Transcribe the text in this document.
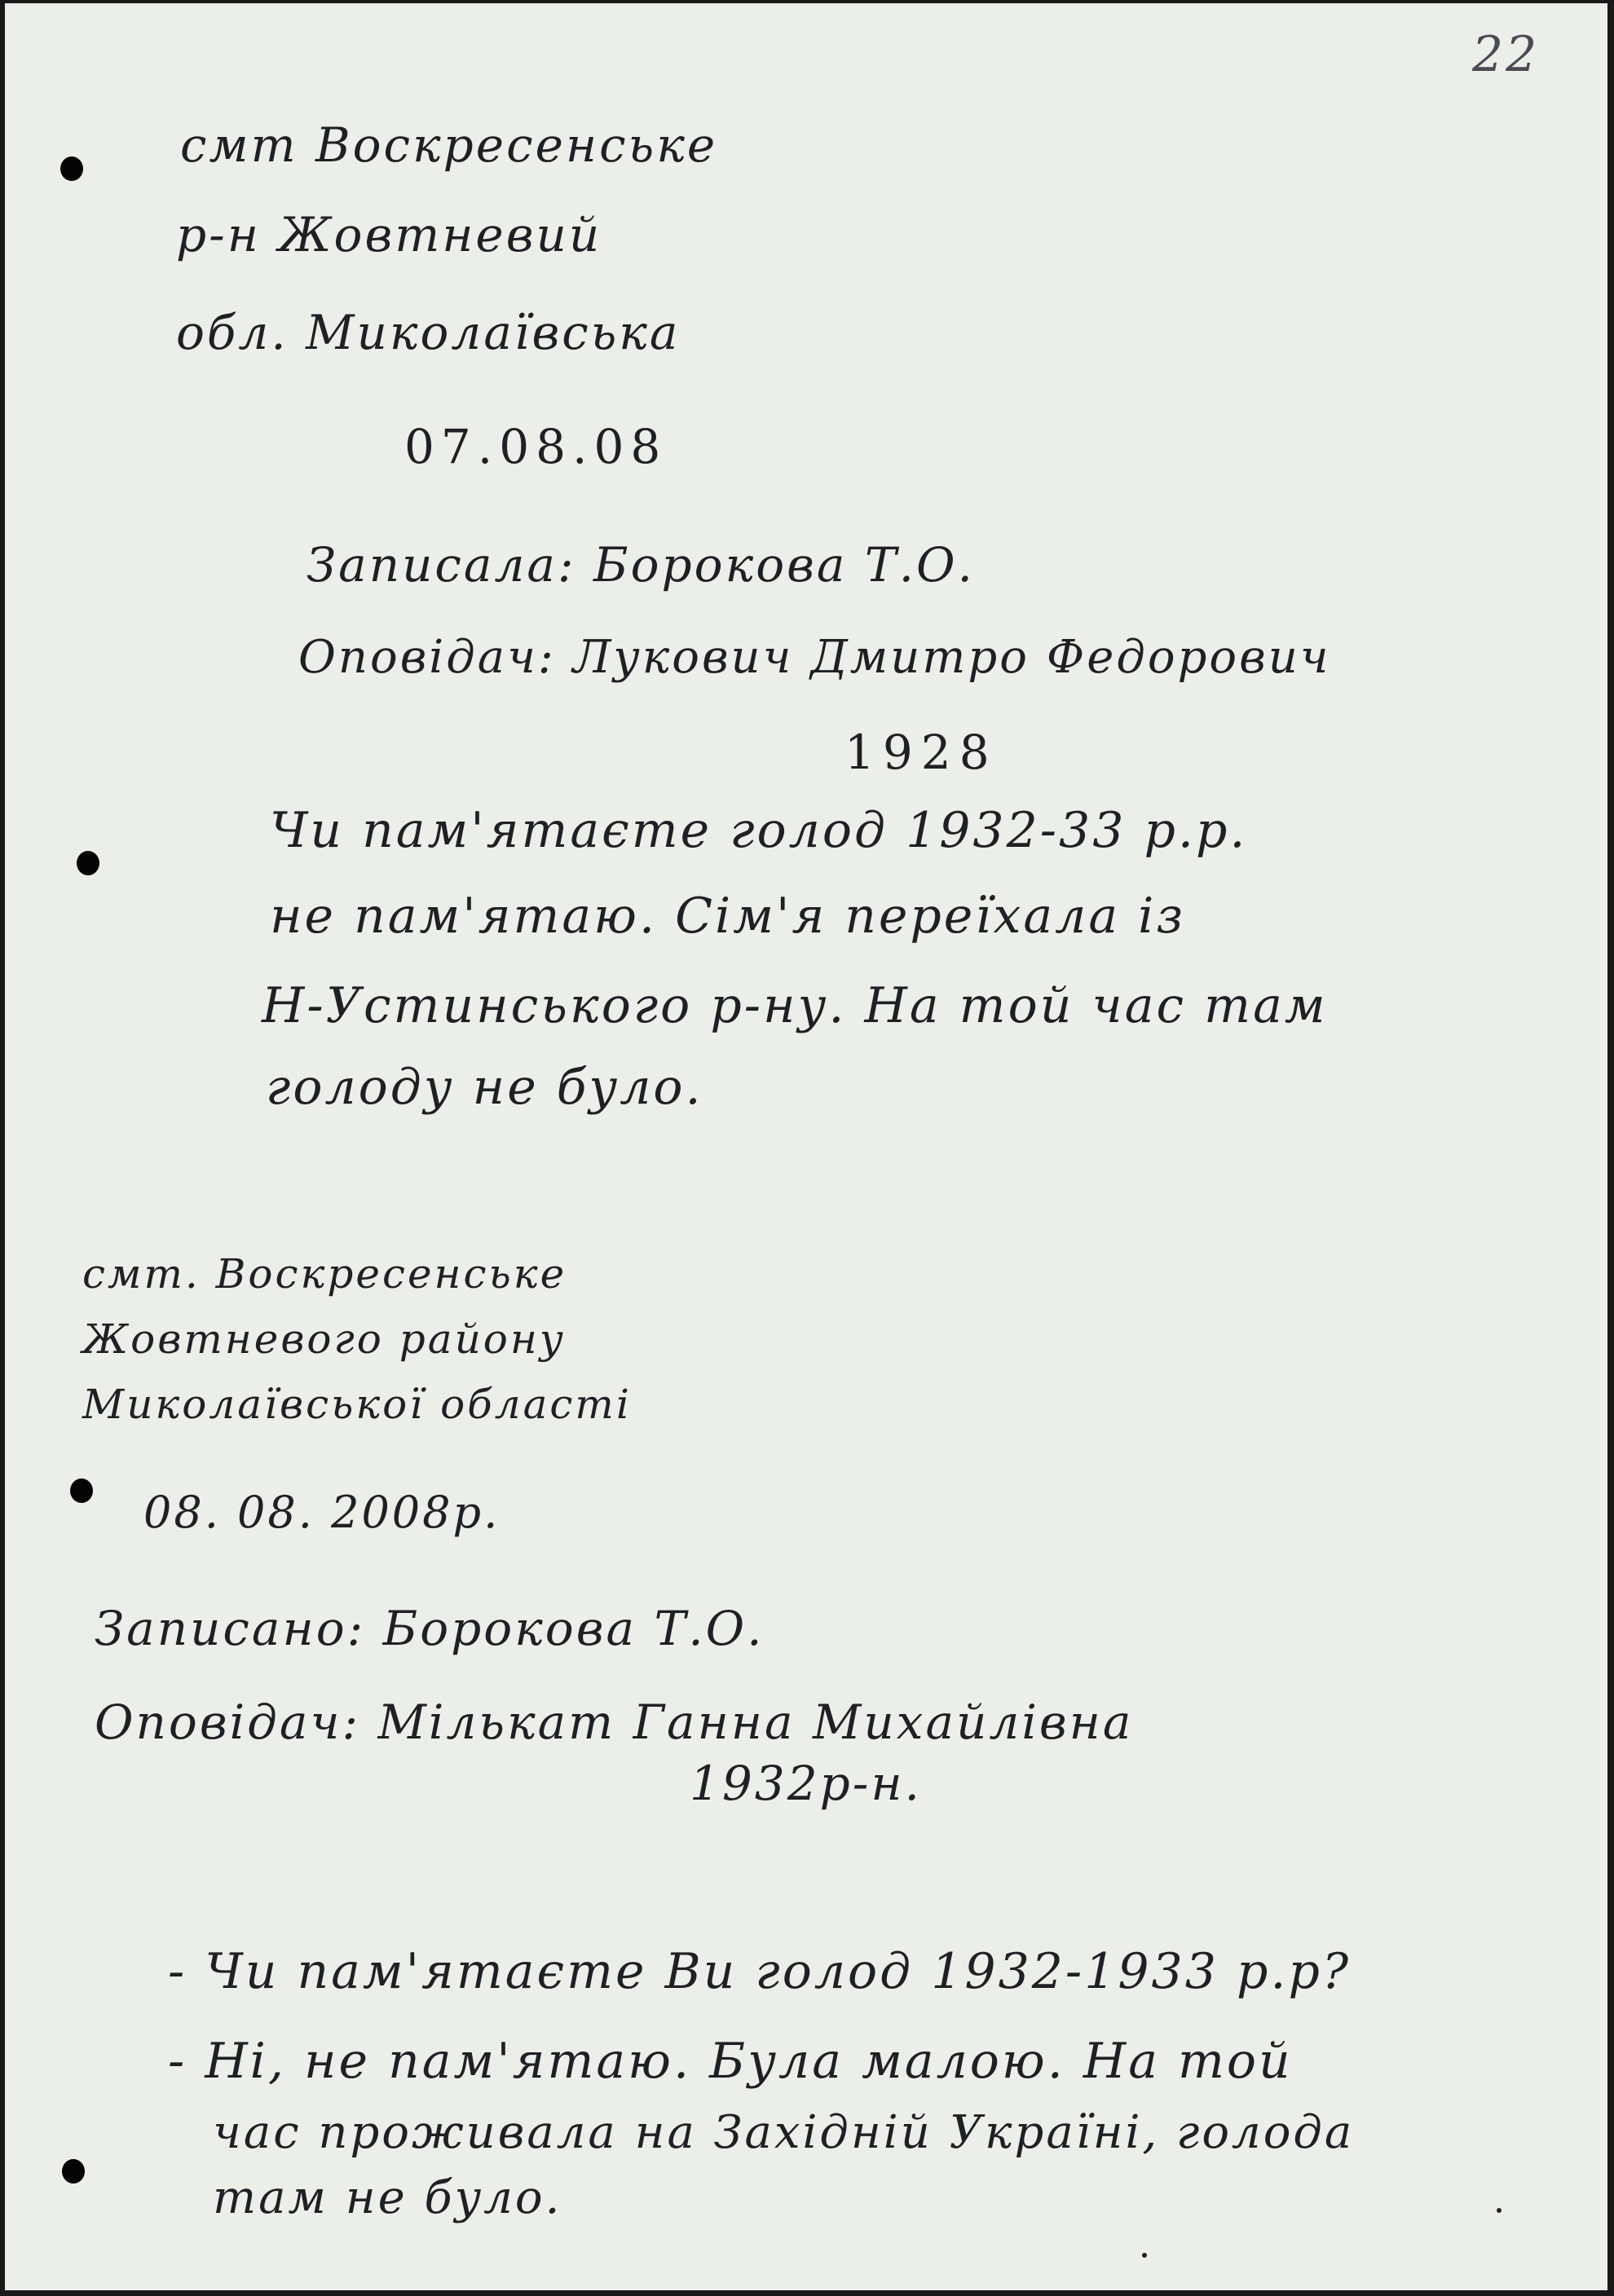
22
смт Воскресенське
р-н Жовтневий
обл. Миколаївська
07.08.08
Записала: Борокова Т.О.
Оповідач: Лукович Дмитро Федорович
1928
Чи пам'ятаєте голод 1932-33 р.р.
не пам'ятаю. Сім'я переїхала із
Н-Устинського р-ну. На той час там
голоду не було.
смт. Воскресенське
Жовтневого району
Миколаївської області
08. 08. 2008р.
Записано: Борокова Т.О.
Оповідач: Мількат Ганна Михайлівна
1932р-н.
- Чи пам'ятаєте Ви голод 1932-1933 р.р?
- Ні, не пам'ятаю. Була малою. На той
час проживала на Західній Україні, голода
там не було.
